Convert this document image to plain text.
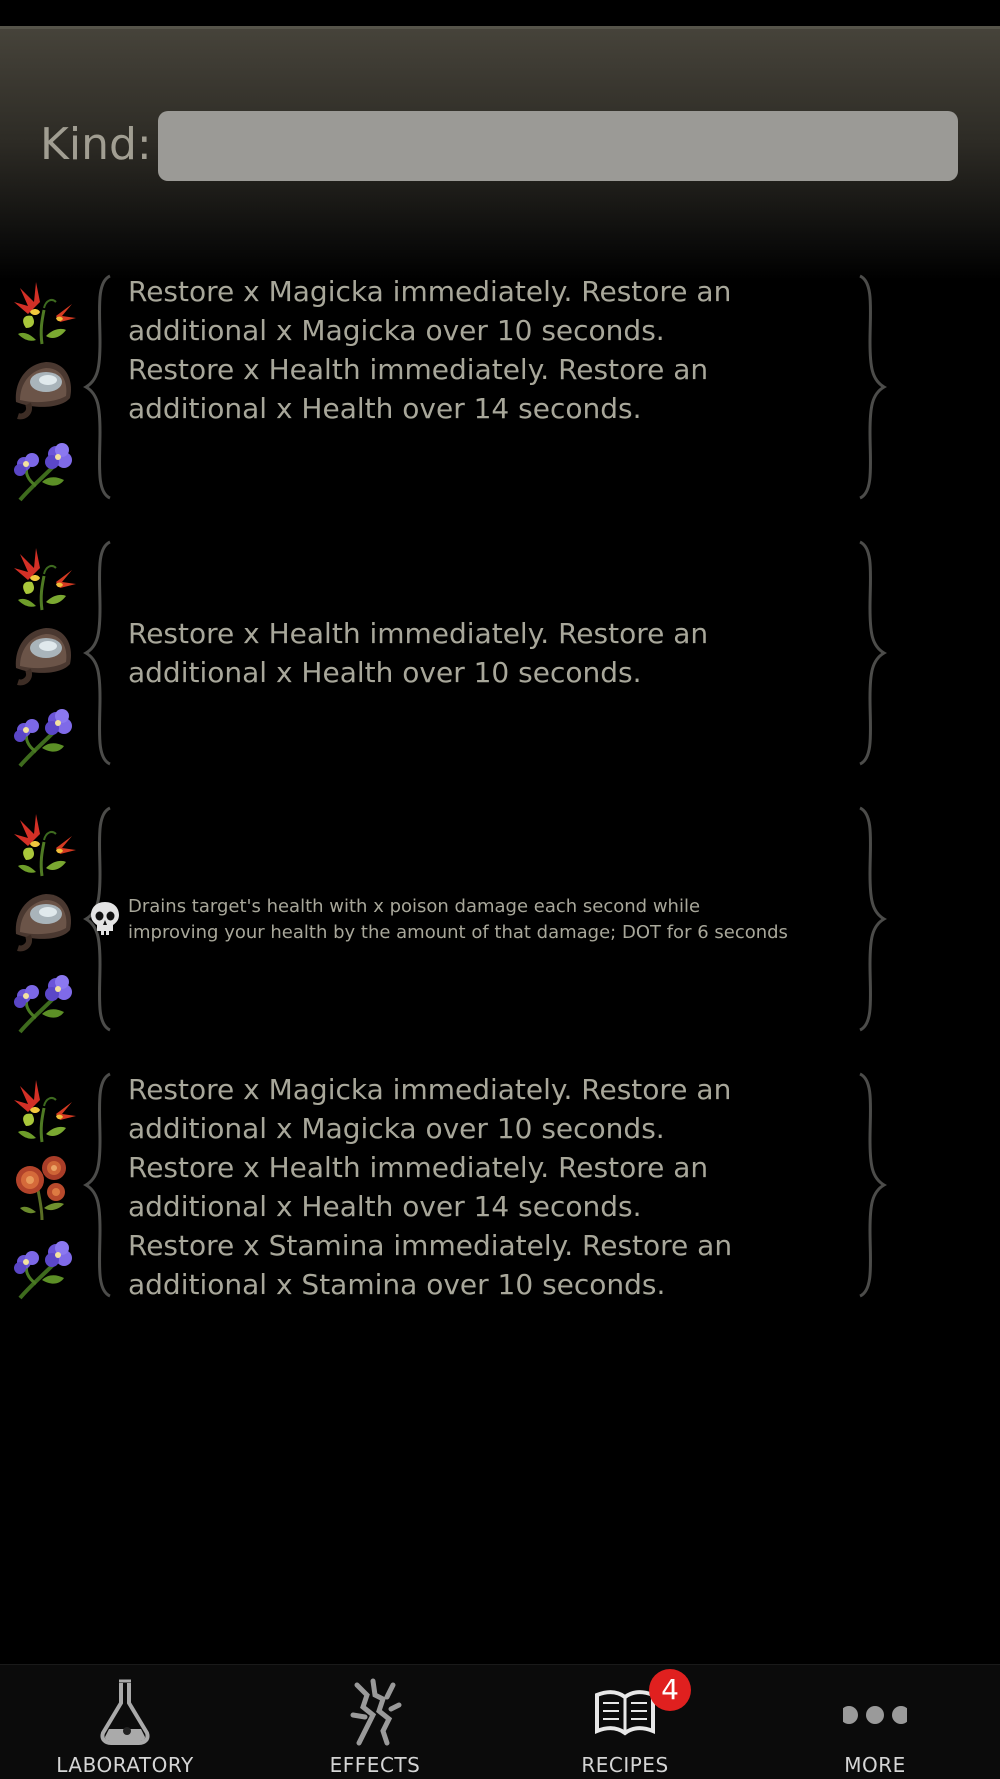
Kind:
Restore x Magicka immediately. Restore an additional x Magicka over 10 seconds.
Restore x Health immediately. Restore an additional x Health over 14 seconds.
Restore x Health immediately. Restore an additional x Health over 10 seconds.
Drains target's health with x poison damage each second while improving your health by the amount of that damage; DOT for 6 seconds
Restore x Magicka immediately. Restore an additional x Magicka over 10 seconds.
Restore x Health immediately. Restore an additional x Health over 14 seconds.
Restore x Stamina immediately. Restore an additional x Stamina over 10 seconds.
LABORATORY	EFFECTS
4
RECIPES	MORE
